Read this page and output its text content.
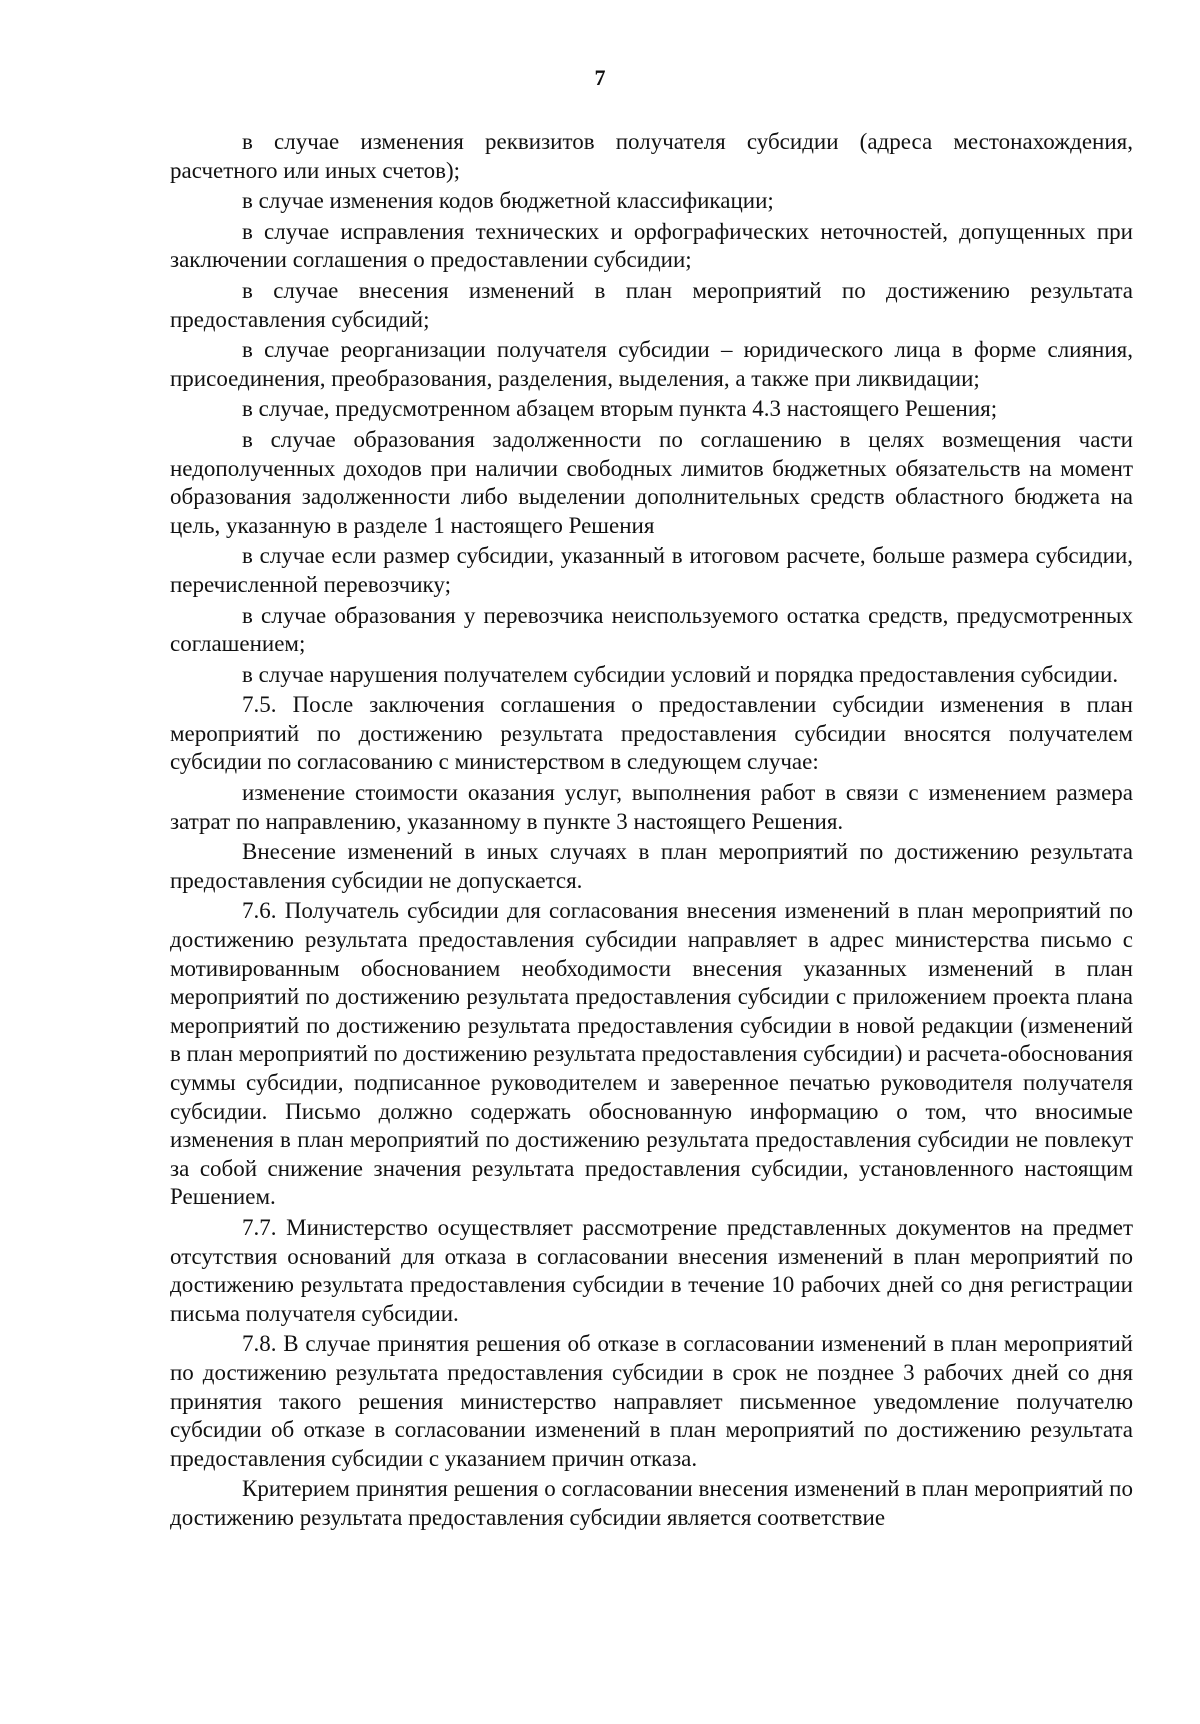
7

в случае изменения реквизитов получателя субсидии (адреса местонахождения, расчетного или иных счетов);

в случае изменения кодов бюджетной классификации;

в случае исправления технических и орфографических неточностей, допущенных при заключении соглашения о предоставлении субсидии;

в случае внесения изменений в план мероприятий по достижению результата предоставления субсидий;

в случае реорганизации получателя субсидии – юридического лица в форме слияния, присоединения, преобразования, разделения, выделения, а также при ликвидации;

в случае, предусмотренном абзацем вторым пункта 4.3 настоящего Решения;

в случае образования задолженности по соглашению в целях возмещения части недополученных доходов при наличии свободных лимитов бюджетных обязательств на момент образования задолженности либо выделении дополнительных средств областного бюджета на цель, указанную в разделе 1 настоящего Решения

в случае если размер субсидии, указанный в итоговом расчете, больше размера субсидии, перечисленной перевозчику;

в случае образования у перевозчика неиспользуемого остатка средств, предусмотренных соглашением;

в случае нарушения получателем субсидии условий и порядка предоставления субсидии.

7.5. После заключения соглашения о предоставлении субсидии изменения в план мероприятий по достижению результата предоставления субсидии вносятся получателем субсидии по согласованию с министерством в следующем случае:

изменение стоимости оказания услуг, выполнения работ в связи с изменением размера затрат по направлению, указанному в пункте 3 настоящего Решения.

Внесение изменений в иных случаях в план мероприятий по достижению результата предоставления субсидии не допускается.

7.6. Получатель субсидии для согласования внесения изменений в план мероприятий по достижению результата предоставления субсидии направляет в адрес министерства письмо с мотивированным обоснованием необходимости внесения указанных изменений в план мероприятий по достижению результата предоставления субсидии с приложением проекта плана мероприятий по достижению результата предоставления субсидии в новой редакции (изменений в план мероприятий по достижению результата предоставления субсидии) и расчета-обоснования суммы субсидии, подписанное руководителем и заверенное печатью руководителя получателя субсидии. Письмо должно содержать обоснованную информацию о том, что вносимые изменения в план мероприятий по достижению результата предоставления субсидии не повлекут за собой снижение значения результата предоставления субсидии, установленного настоящим Решением.

7.7. Министерство осуществляет рассмотрение представленных документов на предмет отсутствия оснований для отказа в согласовании внесения изменений в план мероприятий по достижению результата предоставления субсидии в течение 10 рабочих дней со дня регистрации письма получателя субсидии.

7.8. В случае принятия решения об отказе в согласовании изменений в план мероприятий по достижению результата предоставления субсидии в срок не позднее 3 рабочих дней со дня принятия такого решения министерство направляет письменное уведомление получателю субсидии об отказе в согласовании изменений в план мероприятий по достижению результата предоставления субсидии с указанием причин отказа.

Критерием принятия решения о согласовании внесения изменений в план мероприятий по достижению результата предоставления субсидии является соответствие
